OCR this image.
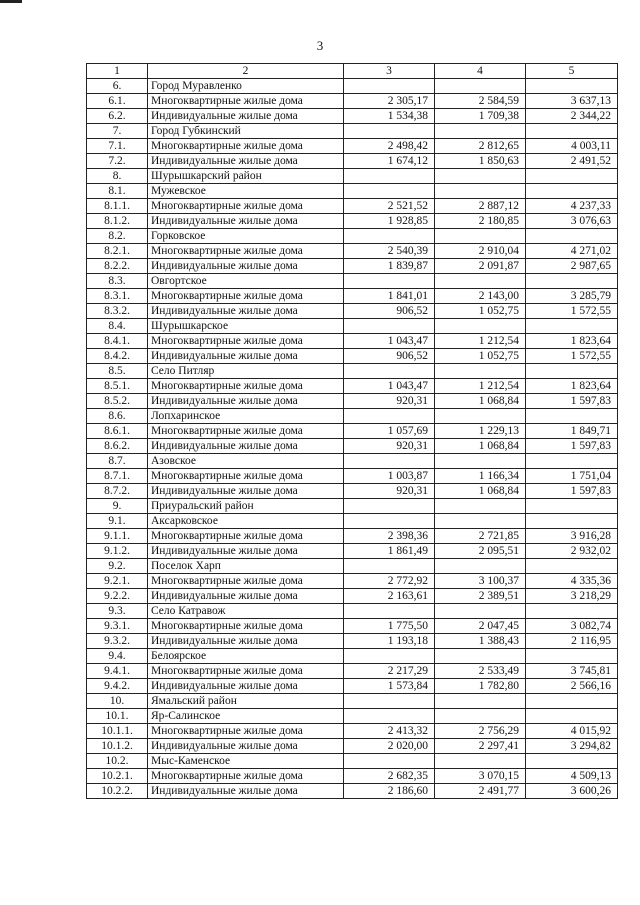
3
1	2	3	4	5
6.	Город Муравленко			
6.1.	Многоквартирные жилые дома	2 305,17	2 584,59	3 637,13
6.2.	Индивидуальные жилые дома	1 534,38	1 709,38	2 344,22
7.	Город Губкинский			
7.1.	Многоквартирные жилые дома	2 498,42	2 812,65	4 003,11
7.2.	Индивидуальные жилые дома	1 674,12	1 850,63	2 491,52
8.	Шурышкарский район			
8.1.	Мужевское			
8.1.1.	Многоквартирные жилые дома	2 521,52	2 887,12	4 237,33
8.1.2.	Индивидуальные жилые дома	1 928,85	2 180,85	3 076,63
8.2.	Горковское			
8.2.1.	Многоквартирные жилые дома	2 540,39	2 910,04	4 271,02
8.2.2.	Индивидуальные жилые дома	1 839,87	2 091,87	2 987,65
8.3.	Овгортское			
8.3.1.	Многоквартирные жилые дома	1 841,01	2 143,00	3 285,79
8.3.2.	Индивидуальные жилые дома	906,52	1 052,75	1 572,55
8.4.	Шурышкарское			
8.4.1.	Многоквартирные жилые дома	1 043,47	1 212,54	1 823,64
8.4.2.	Индивидуальные жилые дома	906,52	1 052,75	1 572,55
8.5.	Село Питляр			
8.5.1.	Многоквартирные жилые дома	1 043,47	1 212,54	1 823,64
8.5.2.	Индивидуальные жилые дома	920,31	1 068,84	1 597,83
8.6.	Лопхаринское			
8.6.1.	Многоквартирные жилые дома	1 057,69	1 229,13	1 849,71
8.6.2.	Индивидуальные жилые дома	920,31	1 068,84	1 597,83
8.7.	Азовское			
8.7.1.	Многоквартирные жилые дома	1 003,87	1 166,34	1 751,04
8.7.2.	Индивидуальные жилые дома	920,31	1 068,84	1 597,83
9.	Приуральский район			
9.1.	Аксарковское			
9.1.1.	Многоквартирные жилые дома	2 398,36	2 721,85	3 916,28
9.1.2.	Индивидуальные жилые дома	1 861,49	2 095,51	2 932,02
9.2.	Поселок Харп			
9.2.1.	Многоквартирные жилые дома	2 772,92	3 100,37	4 335,36
9.2.2.	Индивидуальные жилые дома	2 163,61	2 389,51	3 218,29
9.3.	Село Катравож			
9.3.1.	Многоквартирные жилые дома	1 775,50	2 047,45	3 082,74
9.3.2.	Индивидуальные жилые дома	1 193,18	1 388,43	2 116,95
9.4.	Белоярское			
9.4.1.	Многоквартирные жилые дома	2 217,29	2 533,49	3 745,81
9.4.2.	Индивидуальные жилые дома	1 573,84	1 782,80	2 566,16
10.	Ямальский район			
10.1.	Яр-Салинское			
10.1.1.	Многоквартирные жилые дома	2 413,32	2 756,29	4 015,92
10.1.2.	Индивидуальные жилые дома	2 020,00	2 297,41	3 294,82
10.2.	Мыс-Каменское			
10.2.1.	Многоквартирные жилые дома	2 682,35	3 070,15	4 509,13
10.2.2.	Индивидуальные жилые дома	2 186,60	2 491,77	3 600,26
